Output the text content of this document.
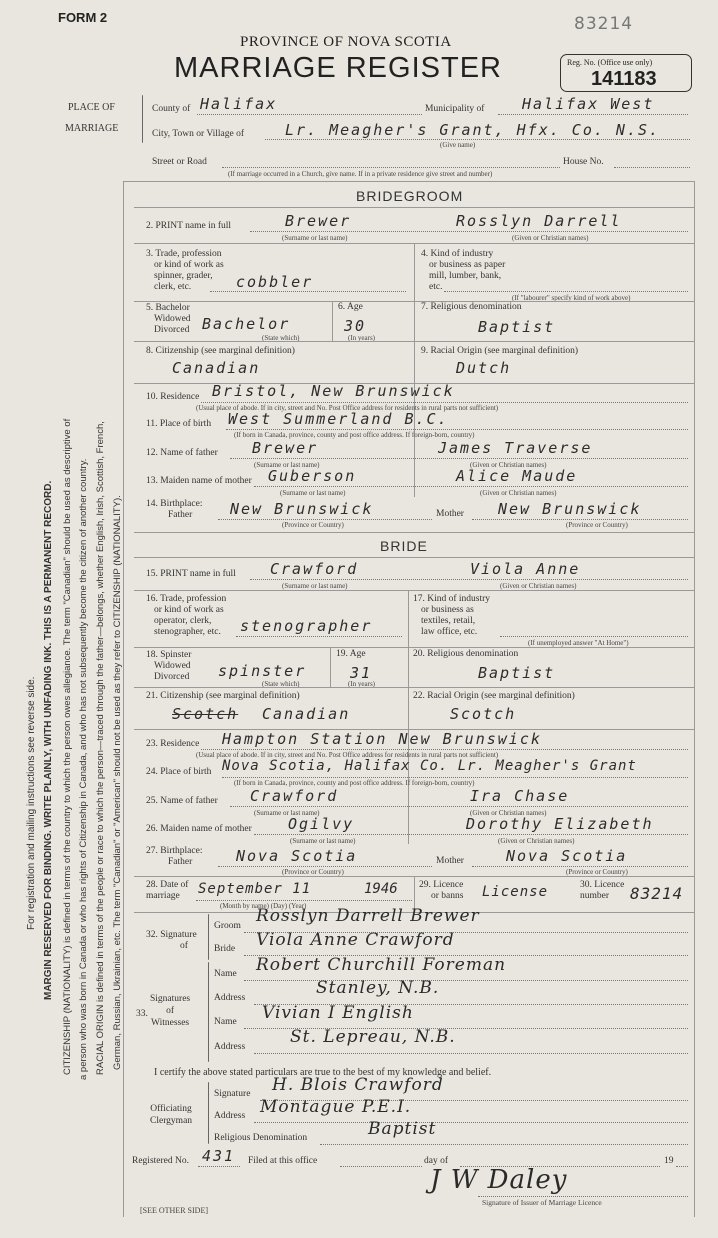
For registration and mailing instructions see reverse side. MARGIN RESERVED FOR BINDING. WRITE PLAINLY, WITH UNFADING INK. THIS IS A PERMANENT RECORD. CITIZENSHIP (NATIONALITY) is defined in terms of the country to which the person owes allegiance. The term "Canadian" should be used as descriptive of a person who was born in Canada or who has rights of Citizenship in Canada, and who has not subsequently become the citizen of another country. RACIAL ORIGIN is defined in terms of the people or race to which the person—traced through the father—belongs, whether English, Irish, Scottish, French, German, Russian, Ukrainian, etc. The term "Canadian" or "American" should not be used as they refer to CITIZENSHIP (NATIONALITY).
FORM 2
PROVINCE OF NOVA SCOTIA
MARRIAGE REGISTER
83214
Reg. No. (Office use only)
141183
PLACE OF
MARRIAGE
County of Halifax	Municipality of	Halifax West
City, Town or Village of	Lr. Meagher's Grant, Hfx. Co. N.S.
(Give name)
Street or Road	House No.
(If marriage occurred in a Church, give name. If in a private residence give street and number)
BRIDEGROOM
2. PRINT name in full	Brewer	Rosslyn Darrell
(Surname or last name)	(Given or Christian names)
3. Trade, profession
or kind of work as
spinner, grader,
clerk, etc.	cobbler
4. Kind of industry
or business as paper
mill, lumber, bank,
etc.
(If "labourer" specify kind of work above)
5. Bachelor
Widowed
Divorced Bachelor
(State which)
6. Age
30
(In years)
7. Religious denomination
Baptist
8. Citizenship (see marginal definition)
Canadian
9. Racial Origin (see marginal definition)
Dutch
10. Residence Bristol, New Brunswick
(Usual place of abode. If in city, street and No. Post Office address for residents in rural parts not sufficient)
11. Place of birth West Summerland B.C.
(If born in Canada, province, county and post office address. If foreign-born, country)
12. Name of father Brewer	James Traverse
(Surname or last name)	(Given or Christian names)
13. Maiden name of mother Guberson	Alice Maude
(Surname or last name)	(Given or Christian names)
14. Birthplace:
Father	New Brunswick
(Province or Country)
Mother New Brunswick
(Province or Country)
BRIDE
15. PRINT name in full Crawford	Viola Anne
(Surname or last name)	(Given or Christian names)
16. Trade, profession
or kind of work as
operator, clerk,
stenographer, etc.	stenographer
17. Kind of industry
or business as
textiles, retail,
law office, etc.
(If unemployed answer "At Home")
18. Spinster
Widowed
Divorced spinster
(State which)
19. Age
31
(In years)
20. Religious denomination
Baptist
21. Citizenship (see marginal definition)
Scotch Canadian
22. Racial Origin (see marginal definition)
Scotch
23. Residence Hampton Station New Brunswick
(Usual place of abode. If in city, street and No. Post Office address for residents in rural parts not sufficient)
24. Place of birth Nova Scotia, Halifax Co. Lr. Meagher's Grant
(If born in Canada, province, county and post office address. If foreign-born, country)
25. Name of father Crawford	Ira Chase
(Surname or last name)	(Given or Christian names)
26. Maiden name of mother Ogilvy	Dorothy Elizabeth
(Surname or last name)	(Given or Christian names)
27. Birthplace:
Father	Nova Scotia
(Province or Country)
Mother	Nova Scotia
(Province or Country)
28. Date of
marriage	September 11	1946
(Month by name) (Day) (Year)
29. Licence
or banns License	30. Licence
number	83214
32. Signature
of
Groom Rosslyn Darrell Brewer
Bride Viola Anne Crawford
33.
Signatures
of
Witnesses
Name Robert Churchill Foreman
Address	Stanley, N.B.
Name Vivian I English
Address	St. Lepreau, N.B.
I certify the above stated particulars are true to the best of my knowledge and belief.
Officiating
Clergyman
Signature H. Blois Crawford
Address Montague P.E.I.
Religious Denomination	Baptist
Registered No. 431 Filed at this office	day of	19
J W Daley
Signature of Issuer of Marriage Licence
[SEE OTHER SIDE]
